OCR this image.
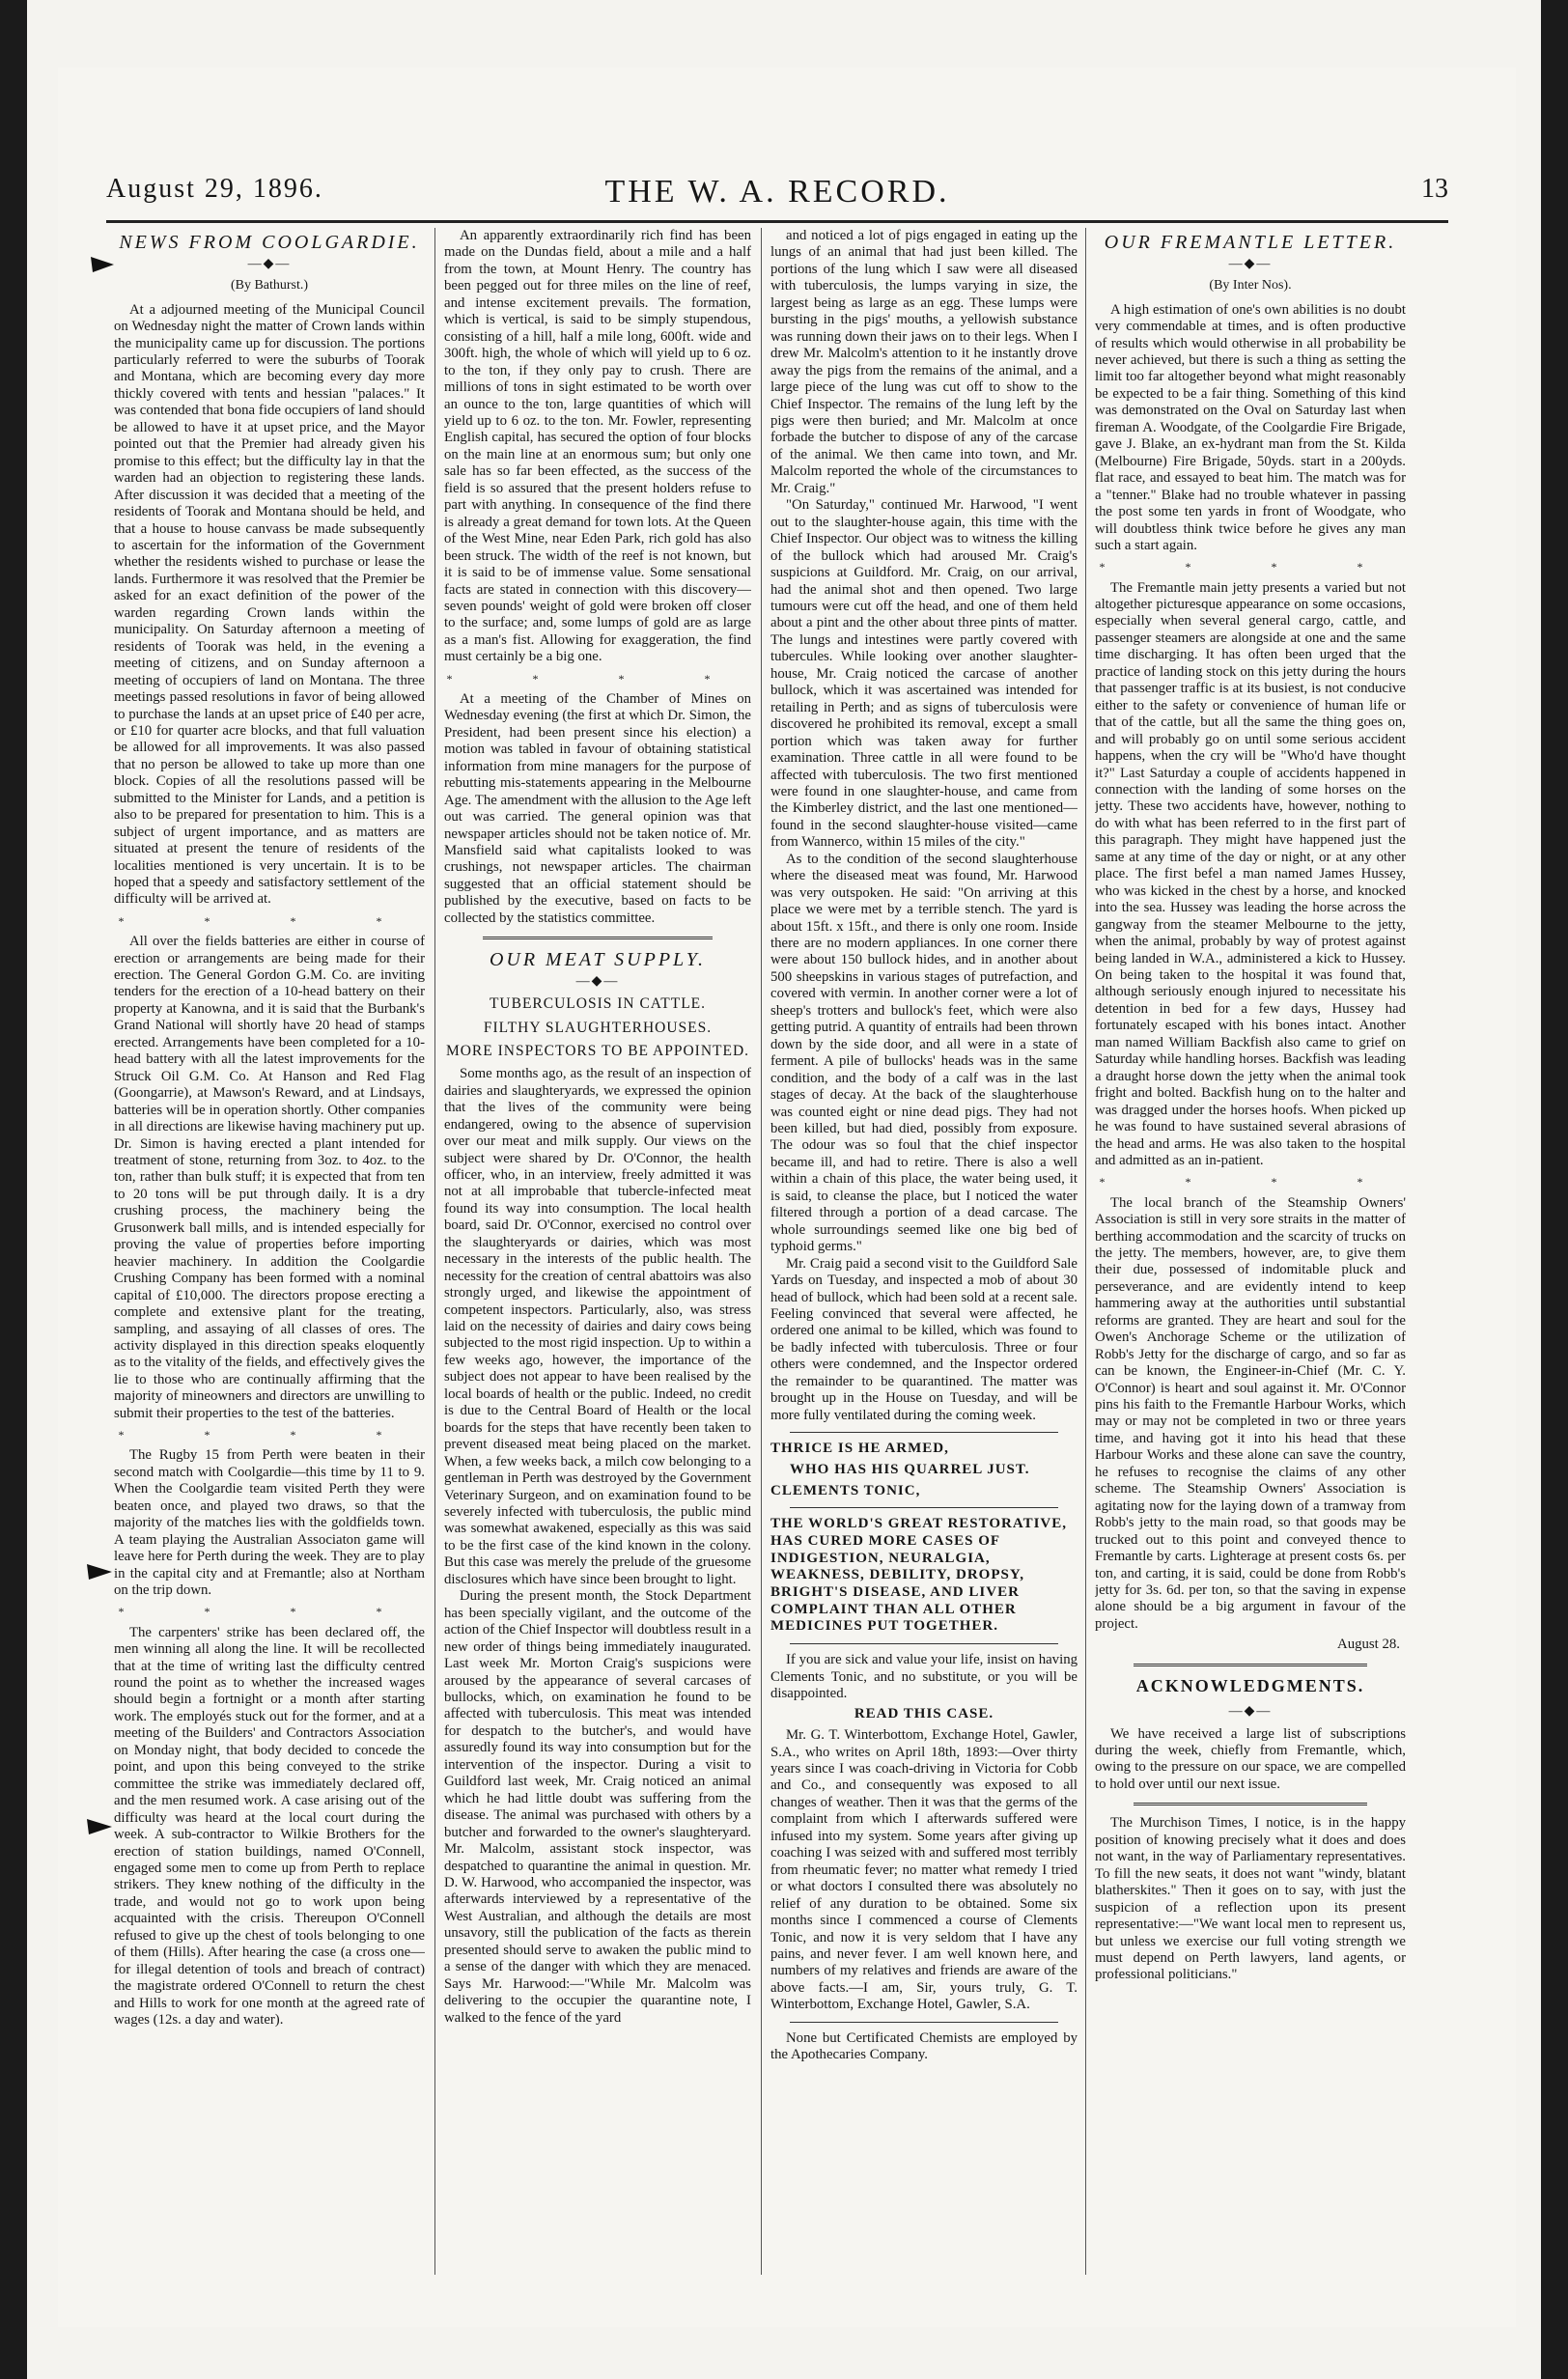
August 29, 1896.	THE W. A. RECORD.	13
NEWS FROM COOLGARDIE.
—◆—
(By Bathurst.)

At a adjourned meeting of the Municipal Council on Wednesday night the matter of Crown lands within the municipality came up for discussion. The portions particularly referred to were the suburbs of Toorak and Montana, which are becoming every day more thickly covered with tents and hessian "palaces." It was contended that bona fide occupiers of land should be allowed to have it at upset price, and the Mayor pointed out that the Premier had already given his promise to this effect; but the difficulty lay in that the warden had an objection to registering these lands. After discussion it was decided that a meeting of the residents of Toorak and Montana should be held, and that a house to house canvass be made subsequently to ascertain for the information of the Government whether the residents wished to purchase or lease the lands. Furthermore it was resolved that the Premier be asked for an exact definition of the power of the warden regarding Crown lands within the municipality. On Saturday afternoon a meeting of residents of Toorak was held, in the evening a meeting of citizens, and on Sunday afternoon a meeting of occupiers of land on Montana. The three meetings passed resolutions in favor of being allowed to purchase the lands at an upset price of £40 per acre, or £10 for quarter acre blocks, and that full valuation be allowed for all improvements. It was also passed that no person be allowed to take up more than one block. Copies of all the resolutions passed will be submitted to the Minister for Lands, and a petition is also to be prepared for presentation to him. This is a subject of urgent importance, and as matters are situated at present the tenure of residents of the localities mentioned is very uncertain. It is to be hoped that a speedy and satisfactory settlement of the difficulty will be arrived at.

* * * *

All over the fields batteries are either in course of erection or arrangements are being made for their erection. The General Gordon G.M. Co. are inviting tenders for the erection of a 10-head battery on their property at Kanowna, and it is said that the Burbank's Grand National will shortly have 20 head of stamps erected. Arrangements have been completed for a 10-head battery with all the latest improvements for the Struck Oil G.M. Co. At Hanson and Red Flag (Goongarrie), at Mawson's Reward, and at Lindsays, batteries will be in operation shortly. Other companies in all directions are likewise having machinery put up. Dr. Simon is having erected a plant intended for treatment of stone, returning from 3oz. to 4oz. to the ton, rather than bulk stuff; it is expected that from ten to 20 tons will be put through daily. It is a dry crushing process, the machinery being the Grusonwerk ball mills, and is intended especially for proving the value of properties before importing heavier machinery. In addition the Coolgardie Crushing Company has been formed with a nominal capital of £10,000. The directors propose erecting a complete and extensive plant for the treating, sampling, and assaying of all classes of ores. The activity displayed in this direction speaks eloquently as to the vitality of the fields, and effectively gives the lie to those who are continually affirming that the majority of mineowners and directors are unwilling to submit their properties to the test of the batteries.

* * * *

The Rugby 15 from Perth were beaten in their second match with Coolgardie—this time by 11 to 9. When the Coolgardie team visited Perth they were beaten once, and played two draws, so that the majority of the matches lies with the goldfields town. A team playing the Australian Associaton game will leave here for Perth during the week. They are to play in the capital city and at Fremantle; also at Northam on the trip down.

* * * *

The carpenters' strike has been declared off, the men winning all along the line. It will be recollected that at the time of writing last the difficulty centred round the point as to whether the increased wages should begin a fortnight or a month after starting work. The employés stuck out for the former, and at a meeting of the Builders' and Contractors Association on Monday night, that body decided to concede the point, and upon this being conveyed to the strike committee the strike was immediately declared off, and the men resumed work. A case arising out of the difficulty was heard at the local court during the week. A sub-contractor to Wilkie Brothers for the erection of station buildings, named O'Connell, engaged some men to come up from Perth to replace strikers. They knew nothing of the difficulty in the trade, and would not go to work upon being acquainted with the crisis. Thereupon O'Connell refused to give up the chest of tools belonging to one of them (Hills). After hearing the case (a cross one—for illegal detention of tools and breach of contract) the magistrate ordered O'Connell to return the chest and Hills to work for one month at the agreed rate of wages (12s. a day and water).

An apparently extraordinarily rich find has been made on the Dundas field, about a mile and a half from the town, at Mount Henry. The country has been pegged out for three miles on the line of reef, and intense excitement prevails. The formation, which is vertical, is said to be simply stupendous, consisting of a hill, half a mile long, 600ft. wide and 300ft. high, the whole of which will yield up to 6 oz. to the ton, if they only pay to crush. There are millions of tons in sight estimated to be worth over an ounce to the ton, large quantities of which will yield up to 6 oz. to the ton. Mr. Fowler, representing English capital, has secured the option of four blocks on the main line at an enormous sum; but only one sale has so far been effected, as the success of the field is so assured that the present holders refuse to part with anything. In consequence of the find there is already a great demand for town lots. At the Queen of the West Mine, near Eden Park, rich gold has also been struck. The width of the reef is not known, but it is said to be of immense value. Some sensational facts are stated in connection with this discovery—seven pounds' weight of gold were broken off closer to the surface; and, some lumps of gold are as large as a man's fist. Allowing for exaggeration, the find must certainly be a big one.

* * * *

At a meeting of the Chamber of Mines on Wednesday evening (the first at which Dr. Simon, the President, had been present since his election) a motion was tabled in favour of obtaining statistical information from mine managers for the purpose of rebutting mis-statements appearing in the Melbourne Age. The amendment with the allusion to the Age left out was carried. The general opinion was that newspaper articles should not be taken notice of. Mr. Mansfield said what capitalists looked to was crushings, not newspaper articles. The chairman suggested that an official statement should be published by the executive, based on facts to be collected by the statistics committee.

OUR MEAT SUPPLY.
—◆—
TUBERCULOSIS IN CATTLE.
FILTHY SLAUGHTERHOUSES.
MORE INSPECTORS TO BE APPOINTED.

Some months ago, as the result of an inspection of dairies and slaughteryards, we expressed the opinion that the lives of the community were being endangered, owing to the absence of supervision over our meat and milk supply. Our views on the subject were shared by Dr. O'Connor, the health officer, who, in an interview, freely admitted it was not at all improbable that tubercle-infected meat found its way into consumption. The local health board, said Dr. O'Connor, exercised no control over the slaughteryards or dairies, which was most necessary in the interests of the public health. The necessity for the creation of central abattoirs was also strongly urged, and likewise the appointment of competent inspectors. Particularly, also, was stress laid on the necessity of dairies and dairy cows being subjected to the most rigid inspection. Up to within a few weeks ago, however, the importance of the subject does not appear to have been realised by the local boards of health or the public. Indeed, no credit is due to the Central Board of Health or the local boards for the steps that have recently been taken to prevent diseased meat being placed on the market. When, a few weeks back, a milch cow belonging to a gentleman in Perth was destroyed by the Government Veterinary Surgeon, and on examination found to be severely infected with tuberculosis, the public mind was somewhat awakened, especially as this was said to be the first case of the kind known in the colony. But this case was merely the prelude of the gruesome disclosures which have since been brought to light.

During the present month, the Stock Department has been specially vigilant, and the outcome of the action of the Chief Inspector will doubtless result in a new order of things being immediately inaugurated. Last week Mr. Morton Craig's suspicions were aroused by the appearance of several carcases of bullocks, which, on examination he found to be affected with tuberculosis. This meat was intended for despatch to the butcher's, and would have assuredly found its way into consumption but for the intervention of the inspector. During a visit to Guildford last week, Mr. Craig noticed an animal which he had little doubt was suffering from the disease. The animal was purchased with others by a butcher and forwarded to the owner's slaughteryard. Mr. Malcolm, assistant stock inspector, was despatched to quarantine the animal in question. Mr. D. W. Harwood, who accompanied the inspector, was afterwards interviewed by a representative of the West Australian, and although the details are most unsavory, still the publication of the facts as therein presented should serve to awaken the public mind to a sense of the danger with which they are menaced. Says Mr. Harwood:—"While Mr. Malcolm was delivering to the occupier the quarantine note, I walked to the fence of the yard

and noticed a lot of pigs engaged in eating up the lungs of an animal that had just been killed. The portions of the lung which I saw were all diseased with tuberculosis, the lumps varying in size, the largest being as large as an egg. These lumps were bursting in the pigs' mouths, a yellowish substance was running down their jaws on to their legs. When I drew Mr. Malcolm's attention to it he instantly drove away the pigs from the remains of the animal, and a large piece of the lung was cut off to show to the Chief Inspector. The remains of the lung left by the pigs were then buried; and Mr. Malcolm at once forbade the butcher to dispose of any of the carcase of the animal. We then came into town, and Mr. Malcolm reported the whole of the circumstances to Mr. Craig."

"On Saturday," continued Mr. Harwood, "I went out to the slaughter-house again, this time with the Chief Inspector. Our object was to witness the killing of the bullock which had aroused Mr. Craig's suspicions at Guildford. Mr. Craig, on our arrival, had the animal shot and then opened. Two large tumours were cut off the head, and one of them held about a pint and the other about three pints of matter. The lungs and intestines were partly covered with tubercules. While looking over another slaughter-house, Mr. Craig noticed the carcase of another bullock, which it was ascertained was intended for retailing in Perth; and as signs of tuberculosis were discovered he prohibited its removal, except a small portion which was taken away for further examination. Three cattle in all were found to be affected with tuberculosis. The two first mentioned were found in one slaughter-house, and came from the Kimberley district, and the last one mentioned—found in the second slaughter-house visited—came from Wannerco, within 15 miles of the city."

As to the condition of the second slaughterhouse where the diseased meat was found, Mr. Harwood was very outspoken. He said: "On arriving at this place we were met by a terrible stench. The yard is about 15ft. x 15ft., and there is only one room. Inside there are no modern appliances. In one corner there were about 150 bullock hides, and in another about 500 sheepskins in various stages of putrefaction, and covered with vermin. In another corner were a lot of sheep's trotters and bullock's feet, which were also getting putrid. A quantity of entrails had been thrown down by the side door, and all were in a state of ferment. A pile of bullocks' heads was in the same condition, and the body of a calf was in the last stages of decay. At the back of the slaughterhouse was counted eight or nine dead pigs. They had not been killed, but had died, possibly from exposure. The odour was so foul that the chief inspector became ill, and had to retire. There is also a well within a chain of this place, the water being used, it is said, to cleanse the place, but I noticed the water filtered through a portion of a dead carcase. The whole surroundings seemed like one big bed of typhoid germs."

Mr. Craig paid a second visit to the Guildford Sale Yards on Tuesday, and inspected a mob of about 30 head of bullock, which had been sold at a recent sale. Feeling convinced that several were affected, he ordered one animal to be killed, which was found to be badly infected with tuberculosis. Three or four others were condemned, and the Inspector ordered the remainder to be quarantined. The matter was brought up in the House on Tuesday, and will be more fully ventilated during the coming week.

THRICE IS HE ARMED,
WHO HAS HIS QUARREL JUST.
CLEMENTS TONIC,
THE WORLD'S GREAT RESTORATIVE, HAS CURED MORE CASES OF INDIGESTION, NEURALGIA, WEAKNESS, DEBILITY, DROPSY, BRIGHT'S DISEASE, AND LIVER COMPLAINT THAN ALL OTHER MEDICINES PUT TOGETHER.

If you are sick and value your life, insist on having Clements Tonic, and no substitute, or you will be disappointed.

READ THIS CASE.

Mr. G. T. Winterbottom, Exchange Hotel, Gawler, S.A., who writes on April 18th, 1893:—Over thirty years since I was coach-driving in Victoria for Cobb and Co., and consequently was exposed to all changes of weather. Then it was that the germs of the complaint from which I afterwards suffered were infused into my system. Some years after giving up coaching I was seized with and suffered most terribly from rheumatic fever; no matter what remedy I tried or what doctors I consulted there was absolutely no relief of any duration to be obtained. Some six months since I commenced a course of Clements Tonic, and now it is very seldom that I have any pains, and never fever. I am well known here, and numbers of my relatives and friends are aware of the above facts.—I am, Sir, yours truly, G. T. Winterbottom, Exchange Hotel, Gawler, S.A.

None but Certificated Chemists are employed by the Apothecaries Company.

OUR FREMANTLE LETTER.
—◆—
(By Inter Nos).

A high estimation of one's own abilities is no doubt very commendable at times, and is often productive of results which would otherwise in all probability be never achieved, but there is such a thing as setting the limit too far altogether beyond what might reasonably be expected to be a fair thing. Something of this kind was demonstrated on the Oval on Saturday last when fireman A. Woodgate, of the Coolgardie Fire Brigade, gave J. Blake, an ex-hydrant man from the St. Kilda (Melbourne) Fire Brigade, 50yds. start in a 200yds. flat race, and essayed to beat him. The match was for a "tenner." Blake had no trouble whatever in passing the post some ten yards in front of Woodgate, who will doubtless think twice before he gives any man such a start again.

* * * *

The Fremantle main jetty presents a varied but not altogether picturesque appearance on some occasions, especially when several general cargo, cattle, and passenger steamers are alongside at one and the same time discharging. It has often been urged that the practice of landing stock on this jetty during the hours that passenger traffic is at its busiest, is not conducive either to the safety or convenience of human life or that of the cattle, but all the same the thing goes on, and will probably go on until some serious accident happens, when the cry will be "Who'd have thought it?" Last Saturday a couple of accidents happened in connection with the landing of some horses on the jetty. These two accidents have, however, nothing to do with what has been referred to in the first part of this paragraph. They might have happened just the same at any time of the day or night, or at any other place. The first befel a man named James Hussey, who was kicked in the chest by a horse, and knocked into the sea. Hussey was leading the horse across the gangway from the steamer Melbourne to the jetty, when the animal, probably by way of protest against being landed in W.A., administered a kick to Hussey. On being taken to the hospital it was found that, although seriously enough injured to necessitate his detention in bed for a few days, Hussey had fortunately escaped with his bones intact. Another man named William Backfish also came to grief on Saturday while handling horses. Backfish was leading a draught horse down the jetty when the animal took fright and bolted. Backfish hung on to the halter and was dragged under the horses hoofs. When picked up he was found to have sustained several abrasions of the head and arms. He was also taken to the hospital and admitted as an in-patient.

* * * *

The local branch of the Steamship Owners' Association is still in very sore straits in the matter of berthing accommodation and the scarcity of trucks on the jetty. The members, however, are, to give them their due, possessed of indomitable pluck and perseverance, and are evidently intend to keep hammering away at the authorities until substantial reforms are granted. They are heart and soul for the Owen's Anchorage Scheme or the utilization of Robb's Jetty for the discharge of cargo, and so far as can be known, the Engineer-in-Chief (Mr. C. Y. O'Connor) is heart and soul against it. Mr. O'Connor pins his faith to the Fremantle Harbour Works, which may or may not be completed in two or three years time, and having got it into his head that these Harbour Works and these alone can save the country, he refuses to recognise the claims of any other scheme. The Steamship Owners' Association is agitating now for the laying down of a tramway from Robb's jetty to the main road, so that goods may be trucked out to this point and conveyed thence to Fremantle by carts. Lighterage at present costs 6s. per ton, and carting, it is said, could be done from Robb's jetty for 3s. 6d. per ton, so that the saving in expense alone should be a big argument in favour of the project.

August 28.
ACKNOWLEDGMENTS.
—◆—

We have received a large list of subscriptions during the week, chiefly from Fremantle, which, owing to the pressure on our space, we are compelled to hold over until our next issue.

The Murchison Times, I notice, is in the happy position of knowing precisely what it does and does not want, in the way of Parliamentary representatives. To fill the new seats, it does not want "windy, blatant blatherskites." Then it goes on to say, with just the suspicion of a reflection upon its present representative:—"We want local men to represent us, but unless we exercise our full voting strength we must depend on Perth lawyers, land agents, or professional politicians."
